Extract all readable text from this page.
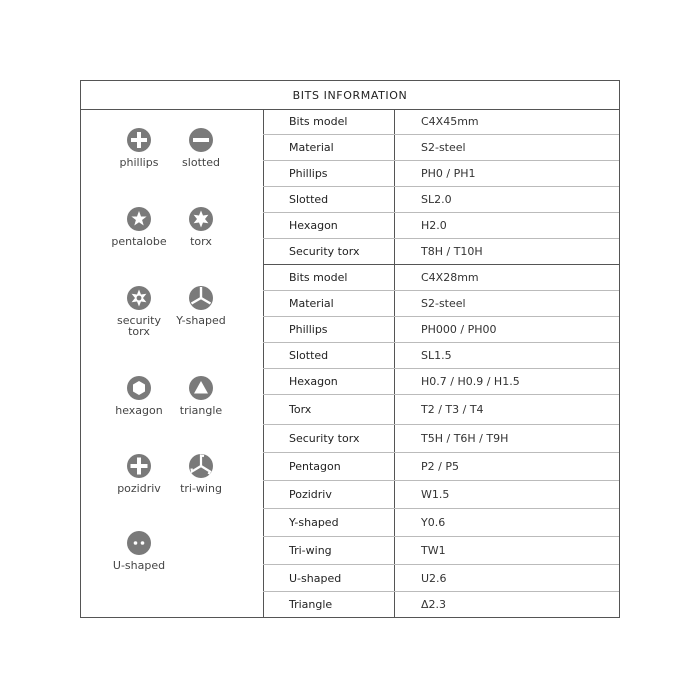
BITS INFORMATION
phillips	slotted
pentalobe	torx
security
torx
Y-shaped
hexagon	triangle
pozidriv	tri-wing
U-shaped
Bits model	C4X45mm
Material	S2-steel
Phillips	PH0 / PH1
Slotted	SL2.0
Hexagon	H2.0
Security torx	T8H / T10H
Bits model	C4X28mm
Material	S2-steel
Phillips	PH000 / PH00
Slotted	SL1.5
Hexagon	H0.7 / H0.9 / H1.5
Torx	T2 / T3 / T4
Security torx	T5H / T6H / T9H
Pentagon	P2 / P5
Pozidriv	W1.5
Y-shaped	Y0.6
Tri-wing	TW1
U-shaped	U2.6
Triangle	Δ2.3
